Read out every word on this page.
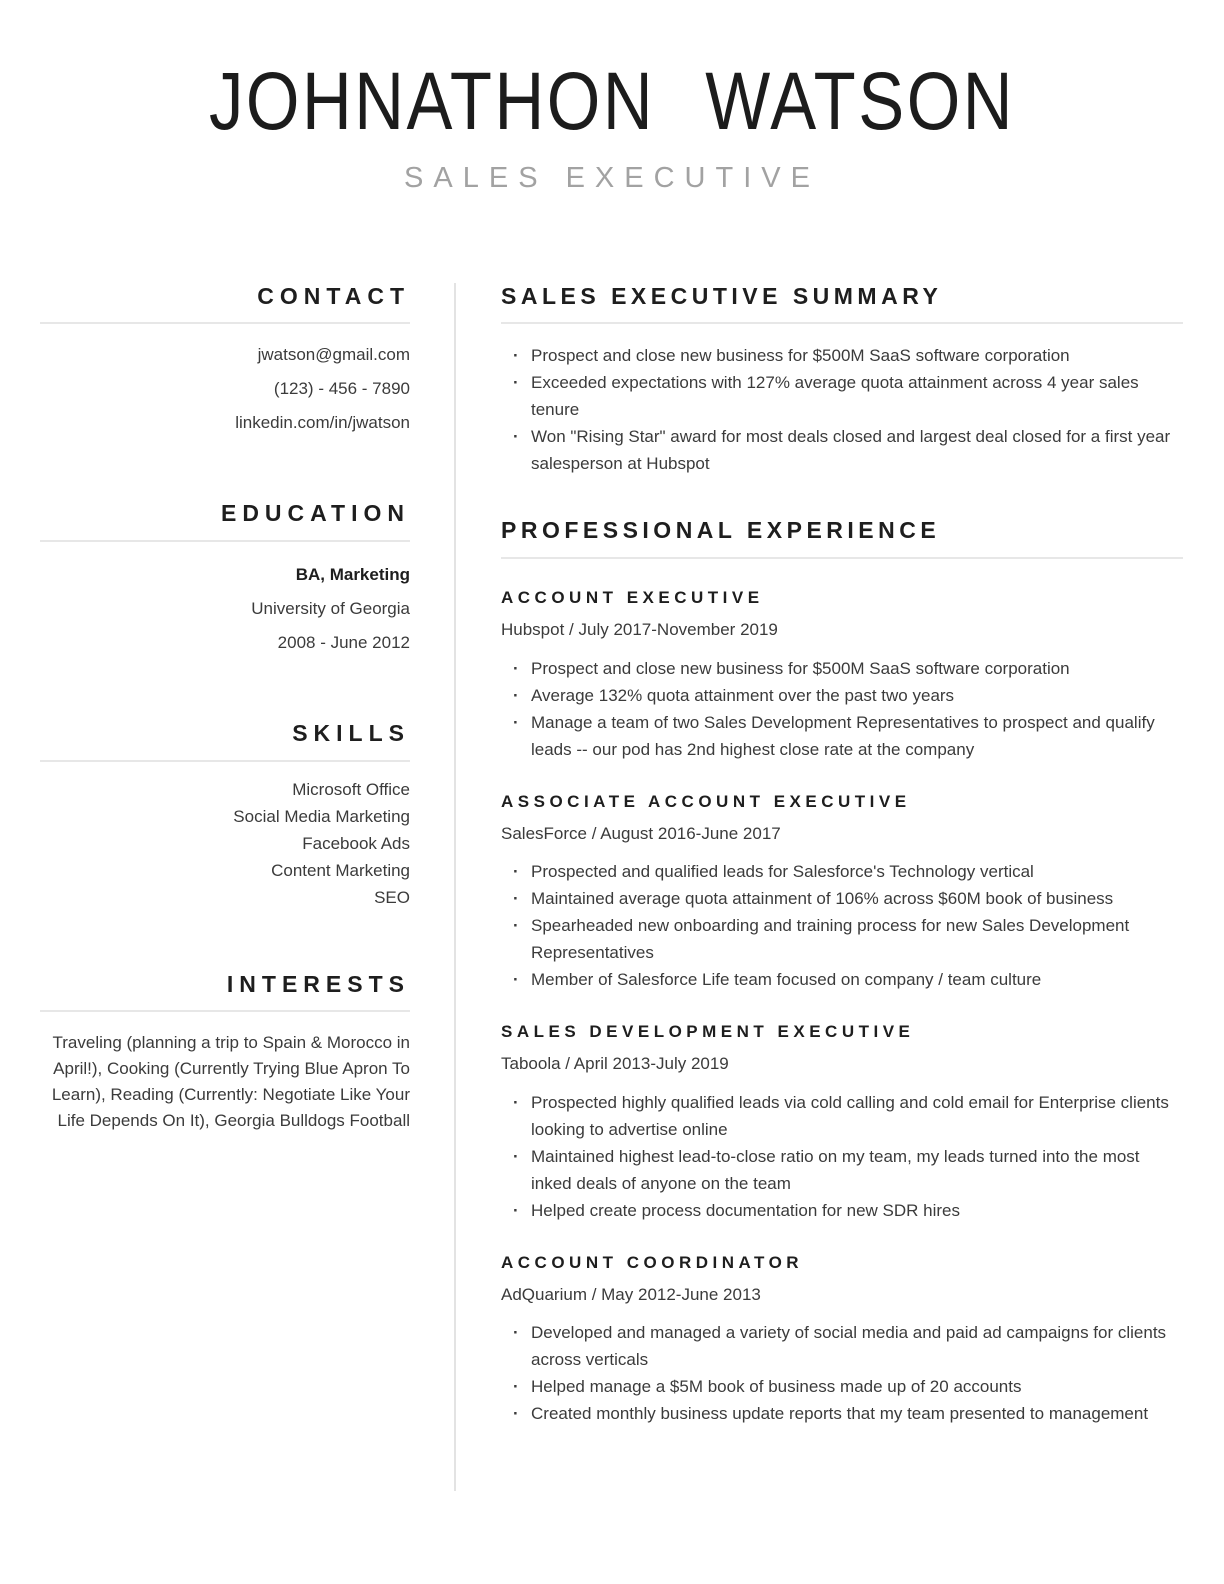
JOHNATHON WATSON
SALES EXECUTIVE
CONTACT
jwatson@gmail.com
(123) - 456 - 7890
linkedin.com/in/jwatson
EDUCATION
BA, Marketing
University of Georgia
2008 - June 2012
SKILLS
Microsoft Office
Social Media Marketing
Facebook Ads
Content Marketing
SEO
INTERESTS

Traveling (planning a trip to Spain & Morocco in April!), Cooking (Currently Trying Blue Apron To Learn), Reading (Currently: Negotiate Like Your Life Depends On It), Georgia Bulldogs Football

SALES EXECUTIVE SUMMARY
· Prospect and close new business for $500M SaaS software corporation
· Exceeded expectations with 127% average quota attainment across 4 year sales tenure
· Won "Rising Star" award for most deals closed and largest deal closed for a first year salesperson at Hubspot
PROFESSIONAL EXPERIENCE
ACCOUNT EXECUTIVE
Hubspot / July 2017-November 2019
· Prospect and close new business for $500M SaaS software corporation
· Average 132% quota attainment over the past two years
· Manage a team of two Sales Development Representatives to prospect and qualify leads -- our pod has 2nd highest close rate at the company
ASSOCIATE ACCOUNT EXECUTIVE
SalesForce / August 2016-June 2017
· Prospected and qualified leads for Salesforce's Technology vertical
· Maintained average quota attainment of 106% across $60M book of business
· Spearheaded new onboarding and training process for new Sales Development Representatives
· Member of Salesforce Life team focused on company / team culture
SALES DEVELOPMENT EXECUTIVE
Taboola / April 2013-July 2019
· Prospected highly qualified leads via cold calling and cold email for Enterprise clients looking to advertise online
· Maintained highest lead-to-close ratio on my team, my leads turned into the most inked deals of anyone on the team
· Helped create process documentation for new SDR hires
ACCOUNT COORDINATOR
AdQuarium / May 2012-June 2013
· Developed and managed a variety of social media and paid ad campaigns for clients across verticals
· Helped manage a $5M book of business made up of 20 accounts
· Created monthly business update reports that my team presented to management
